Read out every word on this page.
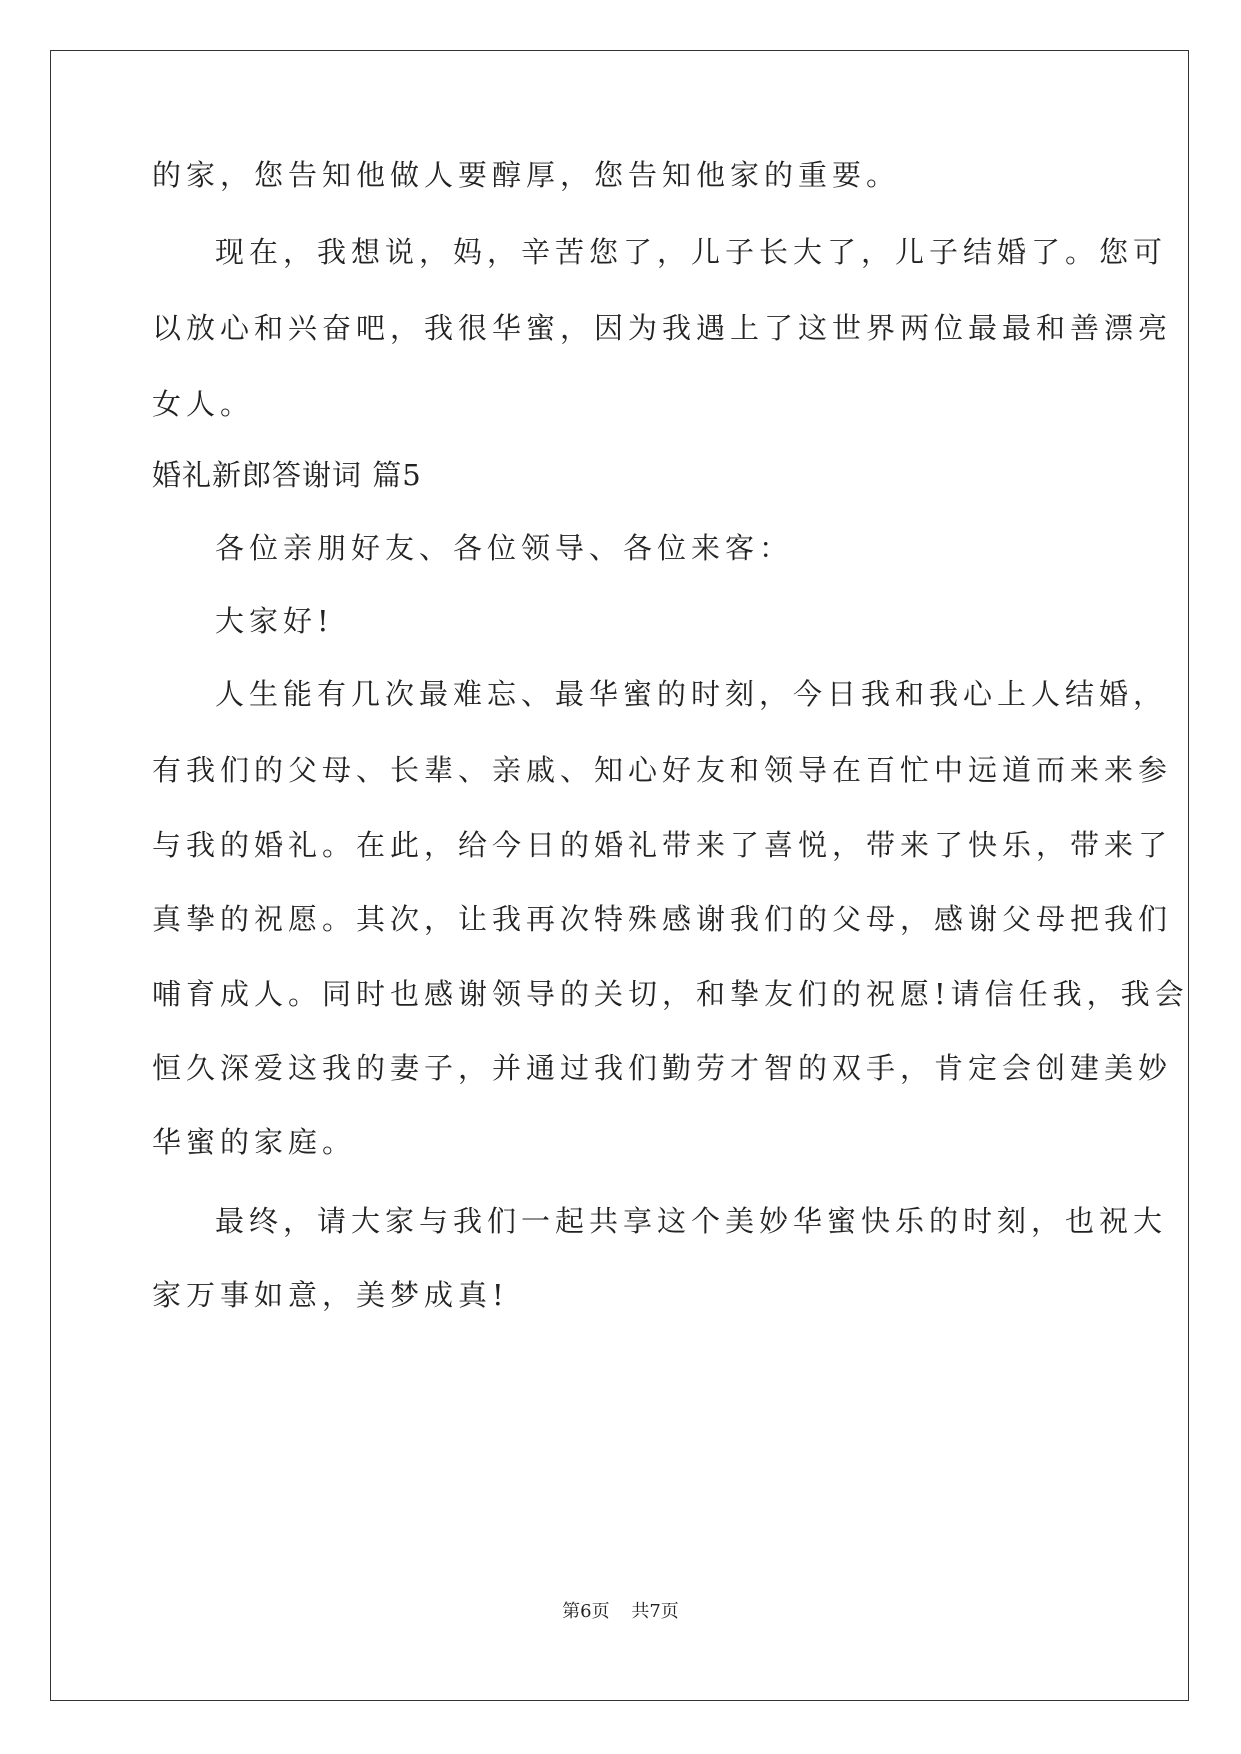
的家，您告知他做人要醇厚，您告知他家的重要。
现在，我想说，妈，辛苦您了，儿子长大了，儿子结婚了。您可
以放心和兴奋吧，我很华蜜，因为我遇上了这世界两位最最和善漂亮
女人。
婚礼新郎答谢词 篇5
各位亲朋好友、各位领导、各位来客：
大家好!
人生能有几次最难忘、最华蜜的时刻，今日我和我心上人结婚，
有我们的父母、长辈、亲戚、知心好友和领导在百忙中远道而来来参
与我的婚礼。在此，给今日的婚礼带来了喜悦，带来了快乐，带来了
真挚的祝愿。其次，让我再次特殊感谢我们的父母，感谢父母把我们
哺育成人。同时也感谢领导的关切，和挚友们的祝愿!请信任我，我会
恒久深爱这我的妻子，并通过我们勤劳才智的双手，肯定会创建美妙
华蜜的家庭。
最终，请大家与我们一起共享这个美妙华蜜快乐的时刻，也祝大
家万事如意，美梦成真!
第6页 共7页
